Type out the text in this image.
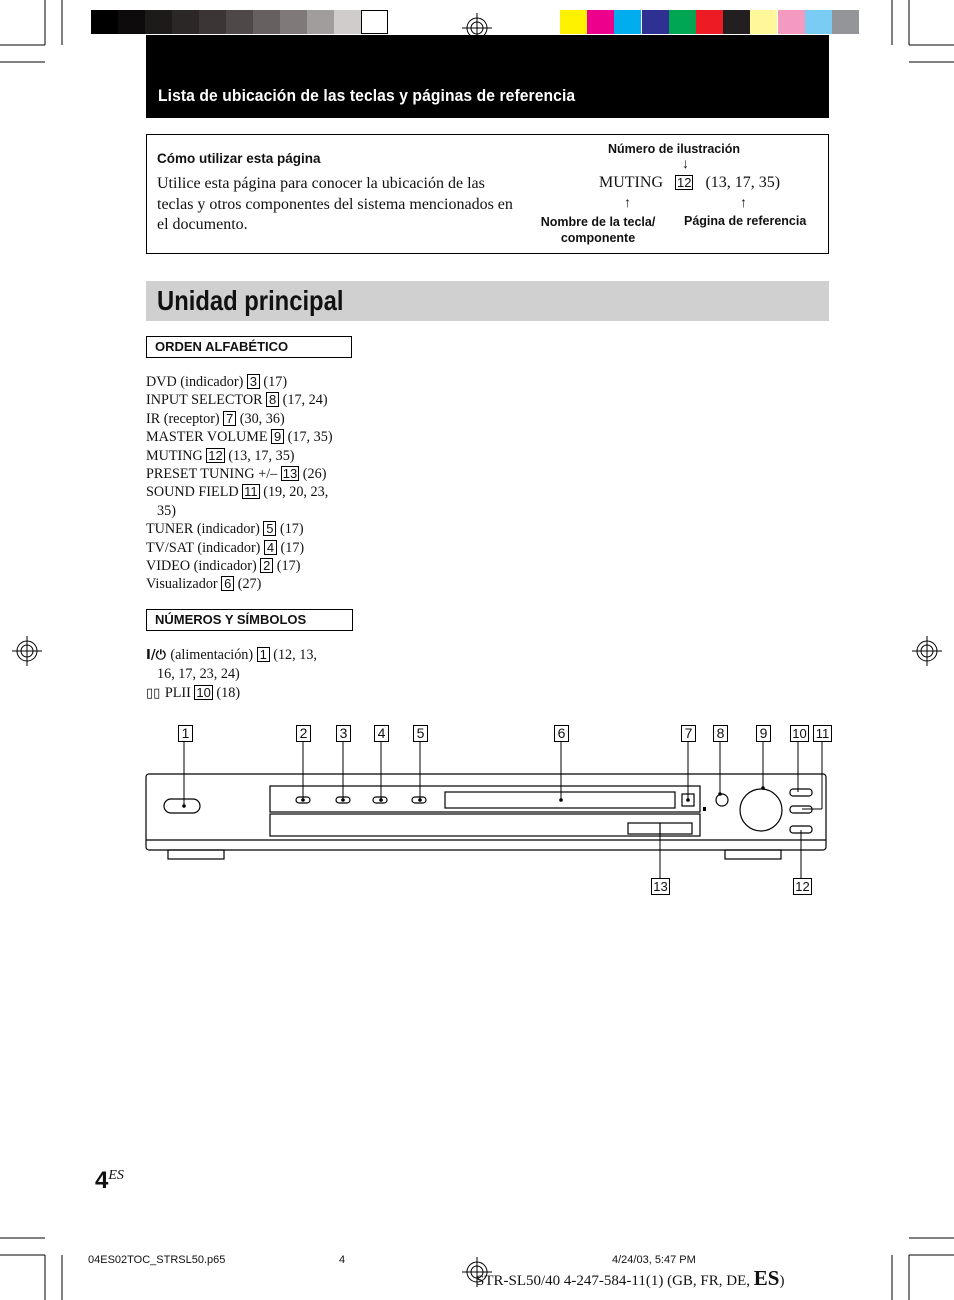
Lista de ubicación de las teclas y páginas de referencia
Cómo utilizar esta página
Utilice esta página para conocer la ubicación de las teclas y otros componentes del sistema mencionados en el documento.
Número de ilustración
↓
MUTING 12 (13, 17, 35)
↑	↑
Nombre de la tecla/
componente
Página de referencia
Unidad principal
ORDEN ALFABÉTICO
DVD (indicador) 3 (17)
INPUT SELECTOR 8 (17, 24)
IR (receptor) 7 (30, 36)
MASTER VOLUME 9 (17, 35)
MUTING 12 (13, 17, 35)
PRESET TUNING +/– 13 (26)
SOUND FIELD 11 (19, 20, 23,
35)
TUNER (indicador) 5 (17)
TV/SAT (indicador) 4 (17)
VIDEO (indicador) 2 (17)
Visualizador 6 (27)
NÚMEROS Y SÍMBOLOS
I/⏻ (alimentación) 1 (12, 13,
16, 17, 23, 24)
▯▯ PLII 10 (18)
1	2 3 4 5	6	7 8	9 10 11
12
13
$4^{ES}$
04ES02TOC_STRSL50.p65	4	4/24/03, 5:47 PM
STR-SL50/40 4-247-584-11(1) (GB, FR, DE, ES)
